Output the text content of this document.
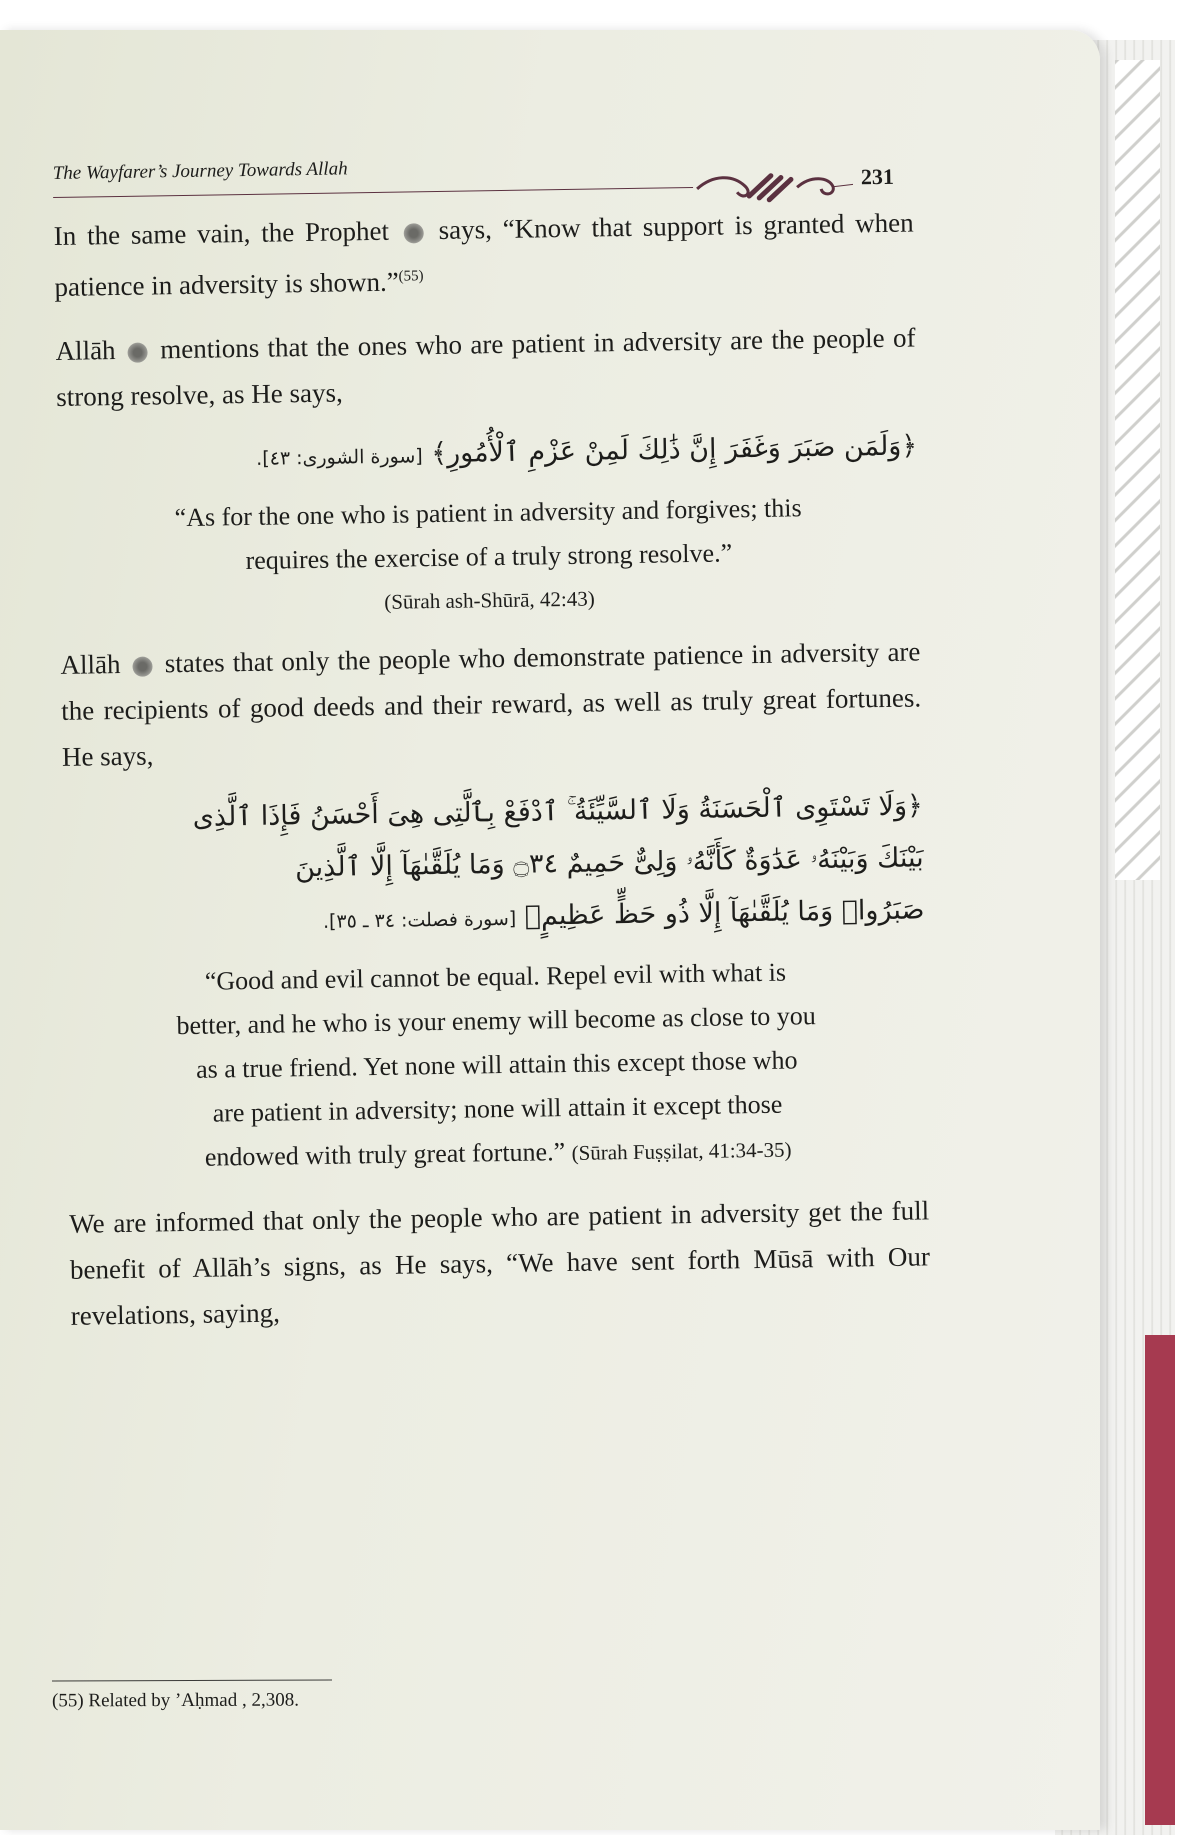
The Wayfarer’s Journey Towards Allah	231

In the same vain, the Prophet says, “Know that support is granted when patience in adversity is shown.”$^{(55)}$

Allāh mentions that the ones who are patient in adversity are the people of strong resolve, as He says,

﴿وَلَمَن صَبَرَ وَغَفَرَ إِنَّ ذَٰلِكَ لَمِنْ عَزْمِ ٱلْأُمُورِ﴾ [سورة الشورى: ٤٣].

“As for the one who is patient in adversity and forgives; this
requires the exercise of a truly strong resolve.”

(Sūrah ash-Shūrā, 42:43)

Allāh states that only the people who demonstrate patience in adversity are the recipients of good deeds and their reward, as well as truly great fortunes. He says,

﴿وَلَا تَسْتَوِى ٱلْحَسَنَةُ وَلَا ٱلسَّيِّئَةُ ۚ ٱدْفَعْ بِٱلَّتِى هِىَ أَحْسَنُ فَإِذَا ٱلَّذِى
بَيْنَكَ وَبَيْنَهُۥ عَدَٰوَةٌ كَأَنَّهُۥ وَلِىٌّ حَمِيمٌ ۝٣٤ وَمَا يُلَقَّىٰهَآ إِلَّا ٱلَّذِينَ
صَبَرُوا۟ وَمَا يُلَقَّىٰهَآ إِلَّا ذُو حَظٍّ عَظِيمٍ﴾ [سورة فصلت: ٣٤ ـ ٣٥].

“Good and evil cannot be equal. Repel evil with what is
better, and he who is your enemy will become as close to you
as a true friend. Yet none will attain this except those who
are patient in adversity; none will attain it except those
endowed with truly great fortune.” (Sūrah Fuṣṣilat, 41:34-35)

We are informed that only the people who are patient in adversity get the full benefit of Allāh’s signs, as He says, “We have sent forth Mūsā with Our revelations, saying,

(55) Related by ’Aḥmad , 2,308.
